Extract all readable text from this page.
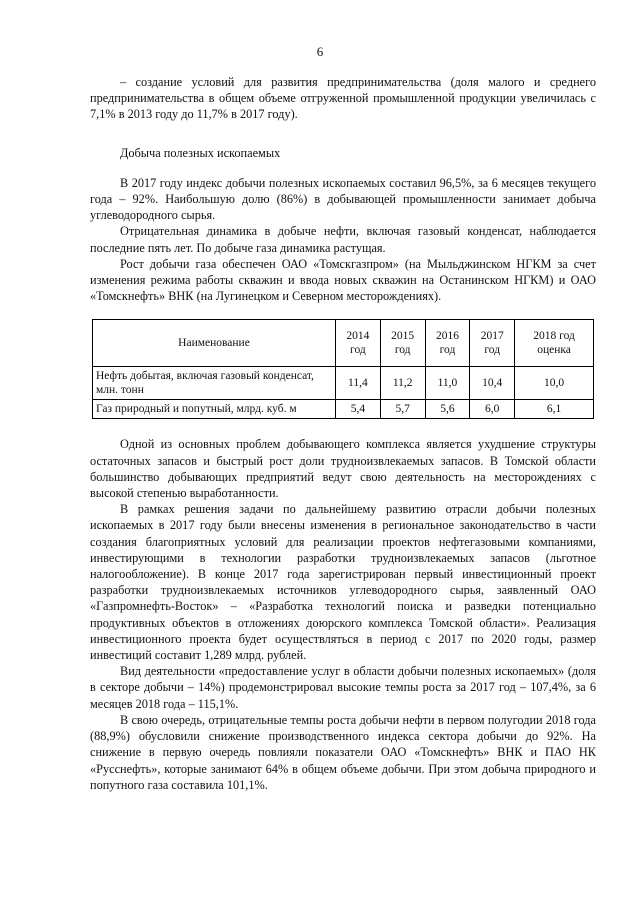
6

– создание условий для развития предпринимательства (доля малого и среднего предпринимательства в общем объеме отгруженной промышленной продукции увеличилась с 7,1% в 2013 году до 11,7% в 2017 году).

Добыча полезных ископаемых

В 2017 году индекс добычи полезных ископаемых составил 96,5%, за 6 месяцев текущего года – 92%. Наибольшую долю (86%) в добывающей промышленности занимает добыча углеводородного сырья.

Отрицательная динамика в добыче нефти, включая газовый конденсат, наблюдается последние пять лет. По добыче газа динамика растущая.

Рост добычи газа обеспечен ОАО «Томскгазпром» (на Мыльджинском НГКМ за счет изменения режима работы скважин и ввода новых скважин на Останинском НГКМ) и ОАО «Томскнефть» ВНК (на Лугинецком и Северном месторождениях).

Наименование	2014 год	2015 год	2016 год	2017 год	2018 год оценка
Нефть добытая, включая газовый конденсат, млн. тонн	11,4	11,2	11,0	10,4	10,0
Газ природный и попутный, млрд. куб. м	5,4	5,7	5,6	6,0	6,1

Одной из основных проблем добывающего комплекса является ухудшение структуры остаточных запасов и быстрый рост доли трудноизвлекаемых запасов. В Томской области большинство добывающих предприятий ведут свою деятельность на месторождениях с высокой степенью выработанности.

В рамках решения задачи по дальнейшему развитию отрасли добычи полезных ископаемых в 2017 году были внесены изменения в региональное законодательство в части создания благоприятных условий для реализации проектов нефтегазовыми компаниями, инвестирующими в технологии разработки трудноизвлекаемых запасов (льготное налогообложение). В конце 2017 года зарегистрирован первый инвестиционный проект разработки трудноизвлекаемых источников углеводородного сырья, заявленный ОАО «Газпромнефть-Восток» – «Разработка технологий поиска и разведки потенциально продуктивных объектов в отложениях доюрского комплекса Томской области». Реализация инвестиционного проекта будет осуществляться в период с 2017 по 2020 годы, размер инвестиций составит 1,289 млрд. рублей.

Вид деятельности «предоставление услуг в области добычи полезных ископаемых» (доля в секторе добычи – 14%) продемонстрировал высокие темпы роста за 2017 год – 107,4%, за 6 месяцев 2018 года – 115,1%.

В свою очередь, отрицательные темпы роста добычи нефти в первом полугодии 2018 года (88,9%) обусловили снижение производственного индекса сектора добычи до 92%. На снижение в первую очередь повлияли показатели ОАО «Томскнефть» ВНК и ПАО НК «Русснефть», которые занимают 64% в общем объеме добычи. При этом добыча природного и попутного газа составила 101,1%.
